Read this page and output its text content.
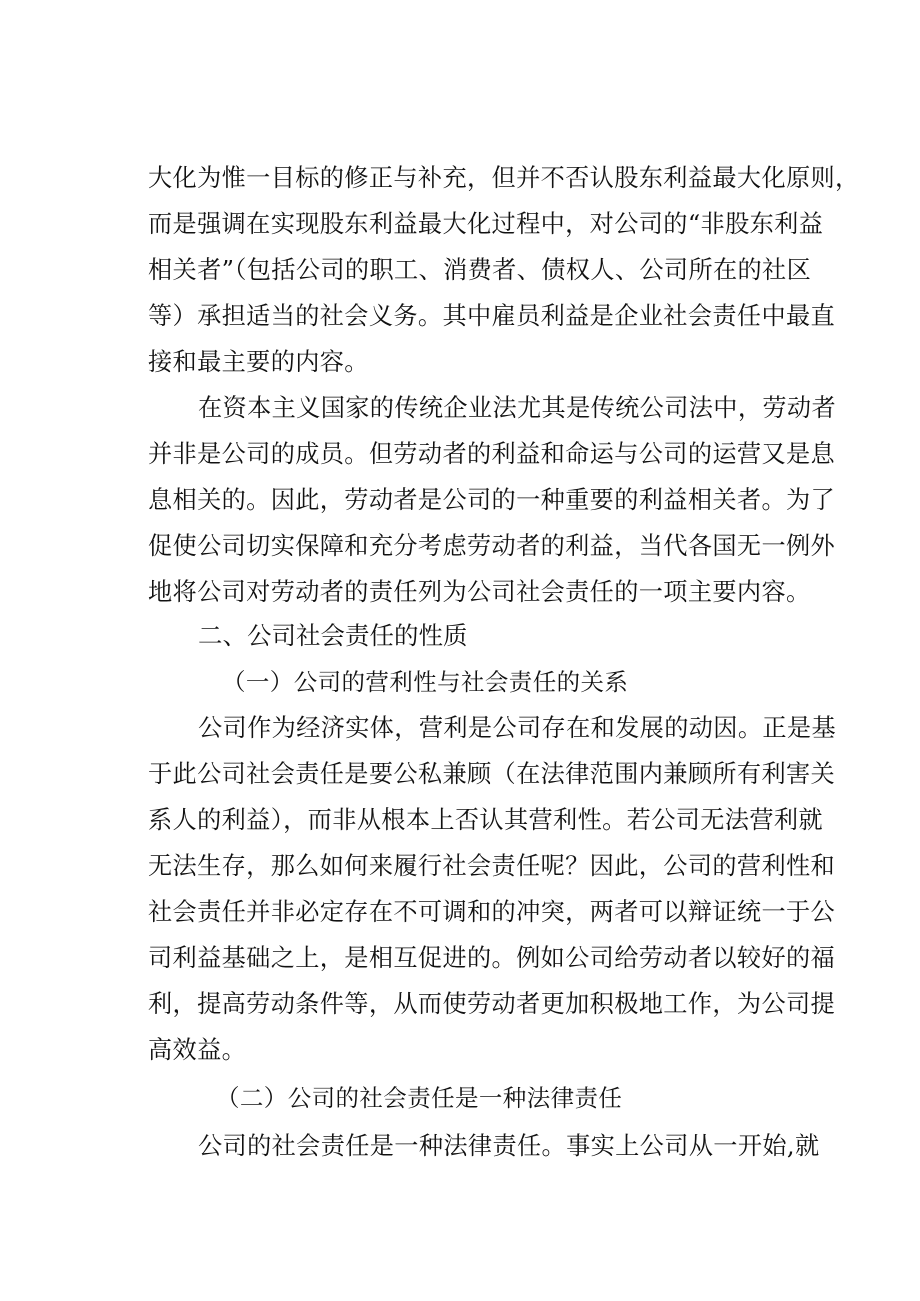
大化为惟一目标的修正与补充，但并不否认股东利益最大化原则，
而是强调在实现股东利益最大化过程中，对公司的“非股东利益
相关者”（包括公司的职工、消费者、债权人、公司所在的社区
等）承担适当的社会义务。其中雇员利益是企业社会责任中最直
接和最主要的内容。
在资本主义国家的传统企业法尤其是传统公司法中，劳动者
并非是公司的成员。但劳动者的利益和命运与公司的运营又是息
息相关的。因此，劳动者是公司的一种重要的利益相关者。为了
促使公司切实保障和充分考虑劳动者的利益，当代各国无一例外
地将公司对劳动者的责任列为公司社会责任的一项主要内容。
二、公司社会责任的性质
（一）公司的营利性与社会责任的关系
公司作为经济实体，营利是公司存在和发展的动因。正是基
于此公司社会责任是要公私兼顾（在法律范围内兼顾所有利害关
系人的利益），而非从根本上否认其营利性。若公司无法营利就
无法生存，那么如何来履行社会责任呢？因此，公司的营利性和
社会责任并非必定存在不可调和的冲突，两者可以辩证统一于公
司利益基础之上，是相互促进的。例如公司给劳动者以较好的福
利，提高劳动条件等，从而使劳动者更加积极地工作，为公司提
高效益。
（二）公司的社会责任是一种法律责任
公司的社会责任是一种法律责任。事实上公司从一开始,就
